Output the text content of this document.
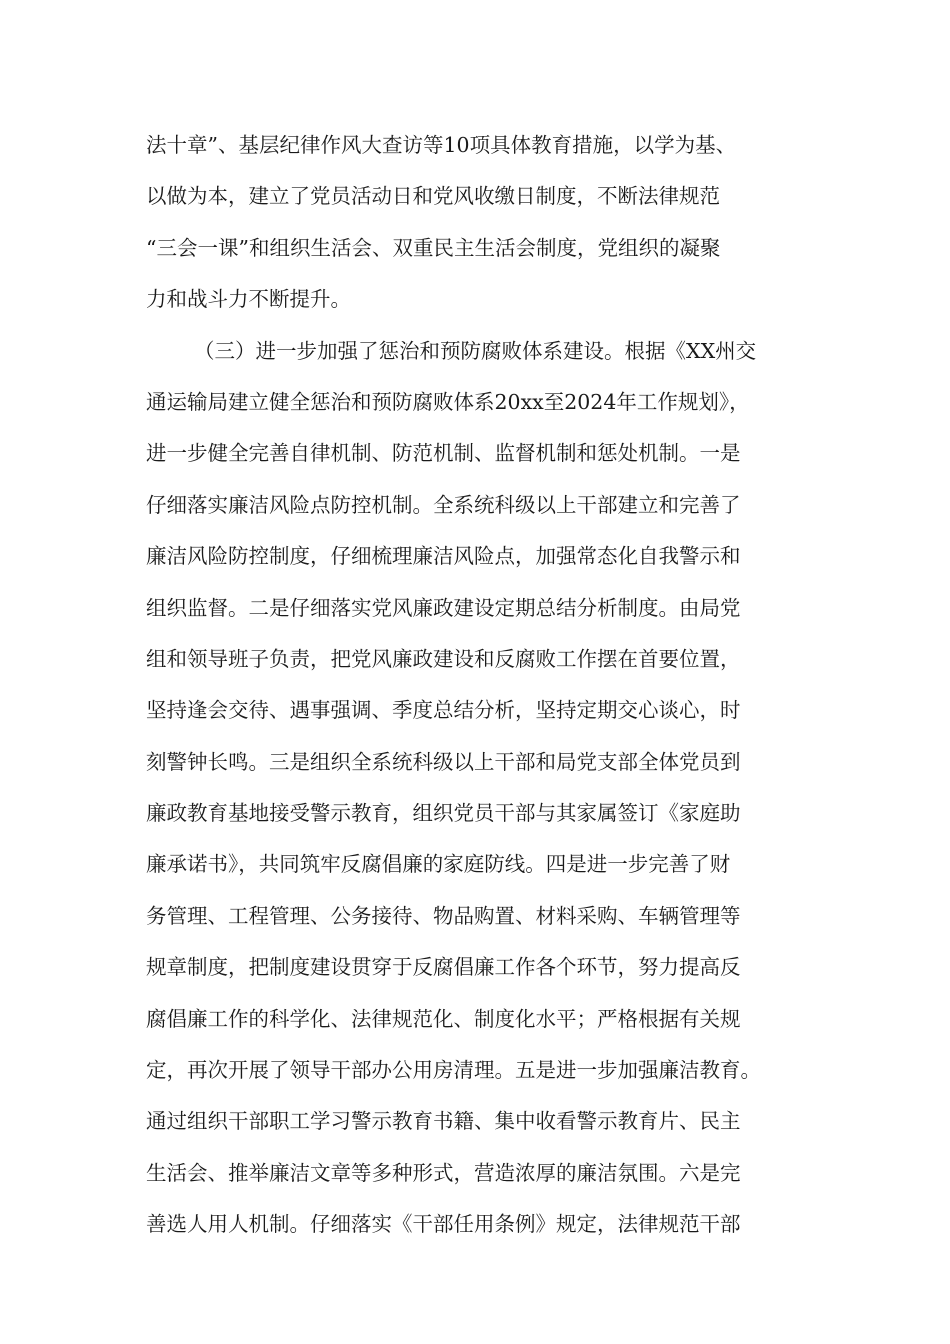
法十章”、基层纪律作风大查访等10项具体教育措施，以学为基、
以做为本，建立了党员活动日和党风收缴日制度，不断法律规范
“三会一课”和组织生活会、双重民主生活会制度，党组织的凝聚
力和战斗力不断提升。
（三）进一步加强了惩治和预防腐败体系建设。根据《XX州交
通运输局建立健全惩治和预防腐败体系20xx至2024年工作规划》，
进一步健全完善自律机制、防范机制、监督机制和惩处机制。一是
仔细落实廉洁风险点防控机制。全系统科级以上干部建立和完善了
廉洁风险防控制度，仔细梳理廉洁风险点，加强常态化自我警示和
组织监督。二是仔细落实党风廉政建设定期总结分析制度。由局党
组和领导班子负责，把党风廉政建设和反腐败工作摆在首要位置，
坚持逢会交待、遇事强调、季度总结分析，坚持定期交心谈心，时
刻警钟长鸣。三是组织全系统科级以上干部和局党支部全体党员到
廉政教育基地接受警示教育，组织党员干部与其家属签订《家庭助
廉承诺书》，共同筑牢反腐倡廉的家庭防线。四是进一步完善了财
务管理、工程管理、公务接待、物品购置、材料采购、车辆管理等
规章制度，把制度建设贯穿于反腐倡廉工作各个环节，努力提高反
腐倡廉工作的科学化、法律规范化、制度化水平；严格根据有关规
定，再次开展了领导干部办公用房清理。五是进一步加强廉洁教育。
通过组织干部职工学习警示教育书籍、集中收看警示教育片、民主
生活会、推举廉洁文章等多种形式，营造浓厚的廉洁氛围。六是完
善选人用人机制。仔细落实《干部任用条例》规定，法律规范干部
